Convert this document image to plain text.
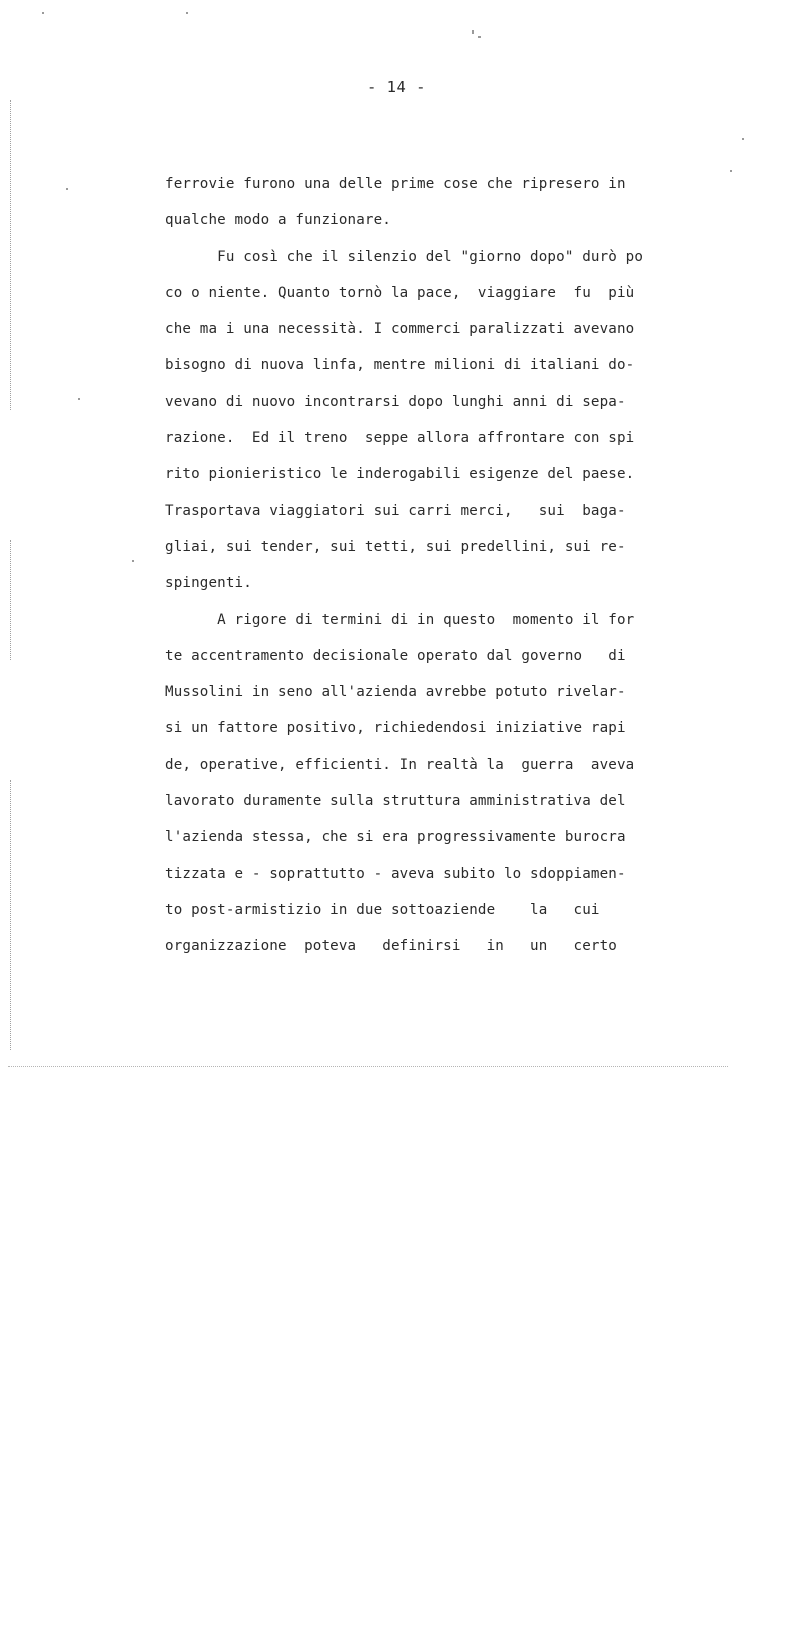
- 14 -
ferrovie furono una delle prime cose che ripresero in
qualche modo a funzionare.
Fu così che il silenzio del "giorno dopo" durò po
co o niente. Quanto tornò la pace,  viaggiare  fu  più
che ma i una necessità. I commerci paralizzati avevano
bisogno di nuova linfa, mentre milioni di italiani do-
vevano di nuovo incontrarsi dopo lunghi anni di sepa-
razione.  Ed il treno  seppe allora affrontare con spi
rito pionieristico le inderogabili esigenze del paese.
Trasportava viaggiatori sui carri merci,   sui  baga-
gliai, sui tender, sui tetti, sui predellini, sui re-
spingenti.
A rigore di termini di in questo  momento il for
te accentramento decisionale operato dal governo   di
Mussolini in seno all'azienda avrebbe potuto rivelar-
si un fattore positivo, richiedendosi iniziative rapi
de, operative, efficienti. In realtà la  guerra  aveva
lavorato duramente sulla struttura amministrativa del
l'azienda stessa, che si era progressivamente burocra
tizzata e - soprattutto - aveva subito lo sdoppiamen-
to post-armistizio in due sottoaziende    la   cui
organizzazione  poteva   definirsi   in   un   certo
